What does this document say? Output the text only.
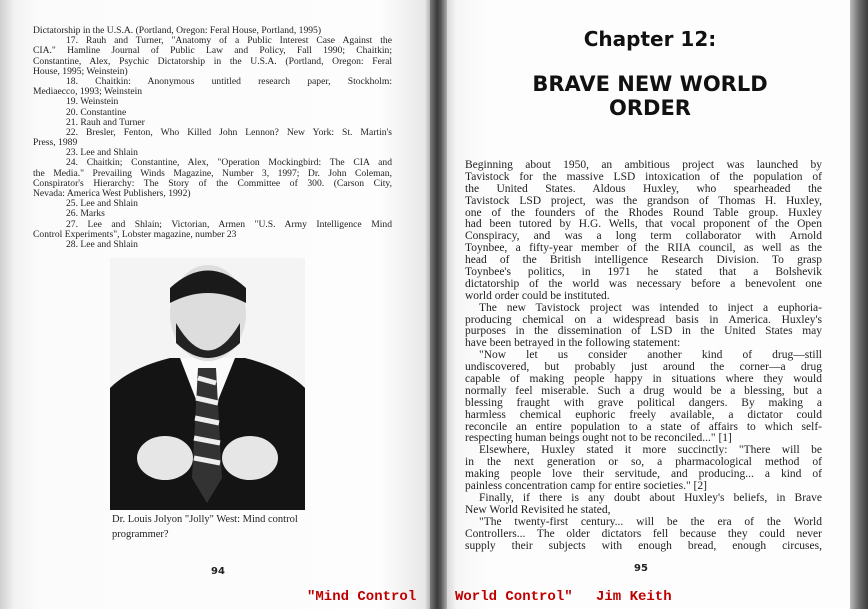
Dictatorship in the U.S.A. (Portland, Oregon: Feral House, Portland, 1995)
17. Rauh and Turner, "Anatomy of a Public Interest Case Against the
CIA." Hamline Journal of Public Law and Policy, Fall 1990; Chaitkin;
Constantine, Alex, Psychic Dictatorship in the U.S.A. (Portland, Oregon: Feral
House, 1995; Weinstein)
18. Chaitkin: Anonymous untitled research paper, Stockholm:
Mediaecco, 1993; Weinstein
19. Weinstein
20. Constantine
21. Rauh and Turner
22. Bresler, Fenton, Who Killed John Lennon? New York: St. Martin's
Press, 1989
23. Lee and Shlain
24. Chaitkin; Constantine, Alex, "Operation Mockingbird: The CIA and
the Media." Prevailing Winds Magazine, Number 3, 1997; Dr. John Coleman,
Conspirator's Hierarchy: The Story of the Committee of 300. (Carson City,
Nevada: America West Publishers, 1992)
25. Lee and Shlain
26. Marks
27. Lee and Shlain; Victorian, Armen "U.S. Army Intelligence Mind
Control Experiments", Lobster magazine, number 23
28. Lee and Shlain
Dr. Louis Jolyon "Jolly" West: Mind control programmer?
94
Chapter 12:
BRAVE NEW WORLD
ORDER
Beginning about 1950, an ambitious project was launched by
Tavistock for the massive LSD intoxication of the population of
the United States. Aldous Huxley, who spearheaded the
Tavistock LSD project, was the grandson of Thomas H. Huxley,
one of the founders of the Rhodes Round Table group. Huxley
had been tutored by H.G. Wells, that vocal proponent of the Open
Conspiracy, and was a long term collaborator with Arnold
Toynbee, a fifty-year member of the RIIA council, as well as the
head of the British intelligence Research Division. To grasp
Toynbee's politics, in 1971 he stated that a Bolshevik
dictatorship of the world was necessary before a benevolent one
world order could be instituted.
The new Tavistock project was intended to inject a euphoria-
producing chemical on a widespread basis in America. Huxley's
purposes in the dissemination of LSD in the United States may
have been betrayed in the following statement:
"Now let us consider another kind of drug—still
undiscovered, but probably just around the corner—a drug
capable of making people happy in situations where they would
normally feel miserable. Such a drug would be a blessing, but a
blessing fraught with grave political dangers. By making a
harmless chemical euphoric freely available, a dictator could
reconcile an entire population to a state of affairs to which self-
respecting human beings ought not to be reconciled..." [1]
Elsewhere, Huxley stated it more succinctly: "There will be
in the next generation or so, a pharmacological method of
making people love their servitude, and producing... a kind of
painless concentration camp for entire societies." [2]
Finally, if there is any doubt about Huxley's beliefs, in Brave
New World Revisited he stated,
"The twenty-first century... will be the era of the World
Controllers... The older dictators fell because they could never
supply their subjects with enough bread, enough circuses,
95
"Mind Control	World Control" Jim Keith
